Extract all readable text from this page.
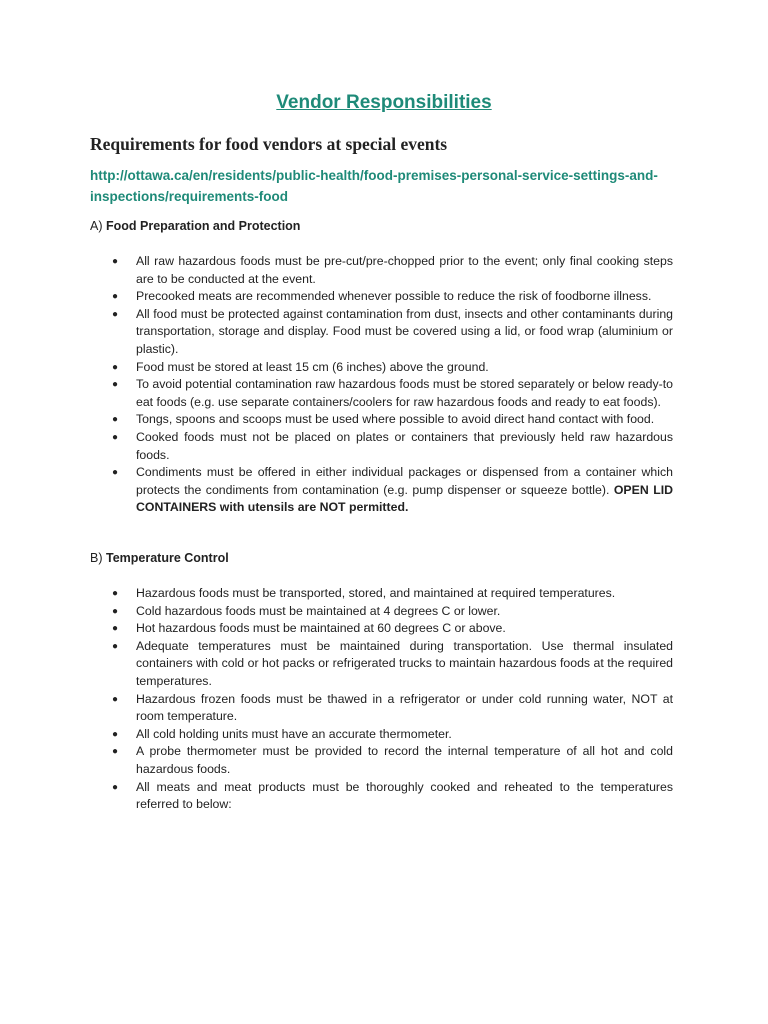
Vendor Responsibilities
Requirements for food vendors at special events
http://ottawa.ca/en/residents/public-health/food-premises-personal-service-settings-and-inspections/requirements-food

A) Food Preparation and Protection

● All raw hazardous foods must be pre-cut/pre-chopped prior to the event; only final cooking steps are to be conducted at the event.
● Precooked meats are recommended whenever possible to reduce the risk of foodborne illness.
● All food must be protected against contamination from dust, insects and other contaminants during transportation, storage and display. Food must be covered using a lid, or food wrap (aluminium or plastic).
● Food must be stored at least 15 cm (6 inches) above the ground.
● To avoid potential contamination raw hazardous foods must be stored separately or below ready-to eat foods (e.g. use separate containers/coolers for raw hazardous foods and ready to eat foods).
● Tongs, spoons and scoops must be used where possible to avoid direct hand contact with food.
● Cooked foods must not be placed on plates or containers that previously held raw hazardous foods.
● Condiments must be offered in either individual packages or dispensed from a container which protects the condiments from contamination (e.g. pump dispenser or squeeze bottle). OPEN LID CONTAINERS with utensils are NOT permitted.

B) Temperature Control

● Hazardous foods must be transported, stored, and maintained at required temperatures.
● Cold hazardous foods must be maintained at 4 degrees C or lower.
● Hot hazardous foods must be maintained at 60 degrees C or above.
● Adequate temperatures must be maintained during transportation. Use thermal insulated containers with cold or hot packs or refrigerated trucks to maintain hazardous foods at the required temperatures.
● Hazardous frozen foods must be thawed in a refrigerator or under cold running water, NOT at room temperature.
● All cold holding units must have an accurate thermometer.
● A probe thermometer must be provided to record the internal temperature of all hot and cold hazardous foods.
● All meats and meat products must be thoroughly cooked and reheated to the temperatures referred to below:
